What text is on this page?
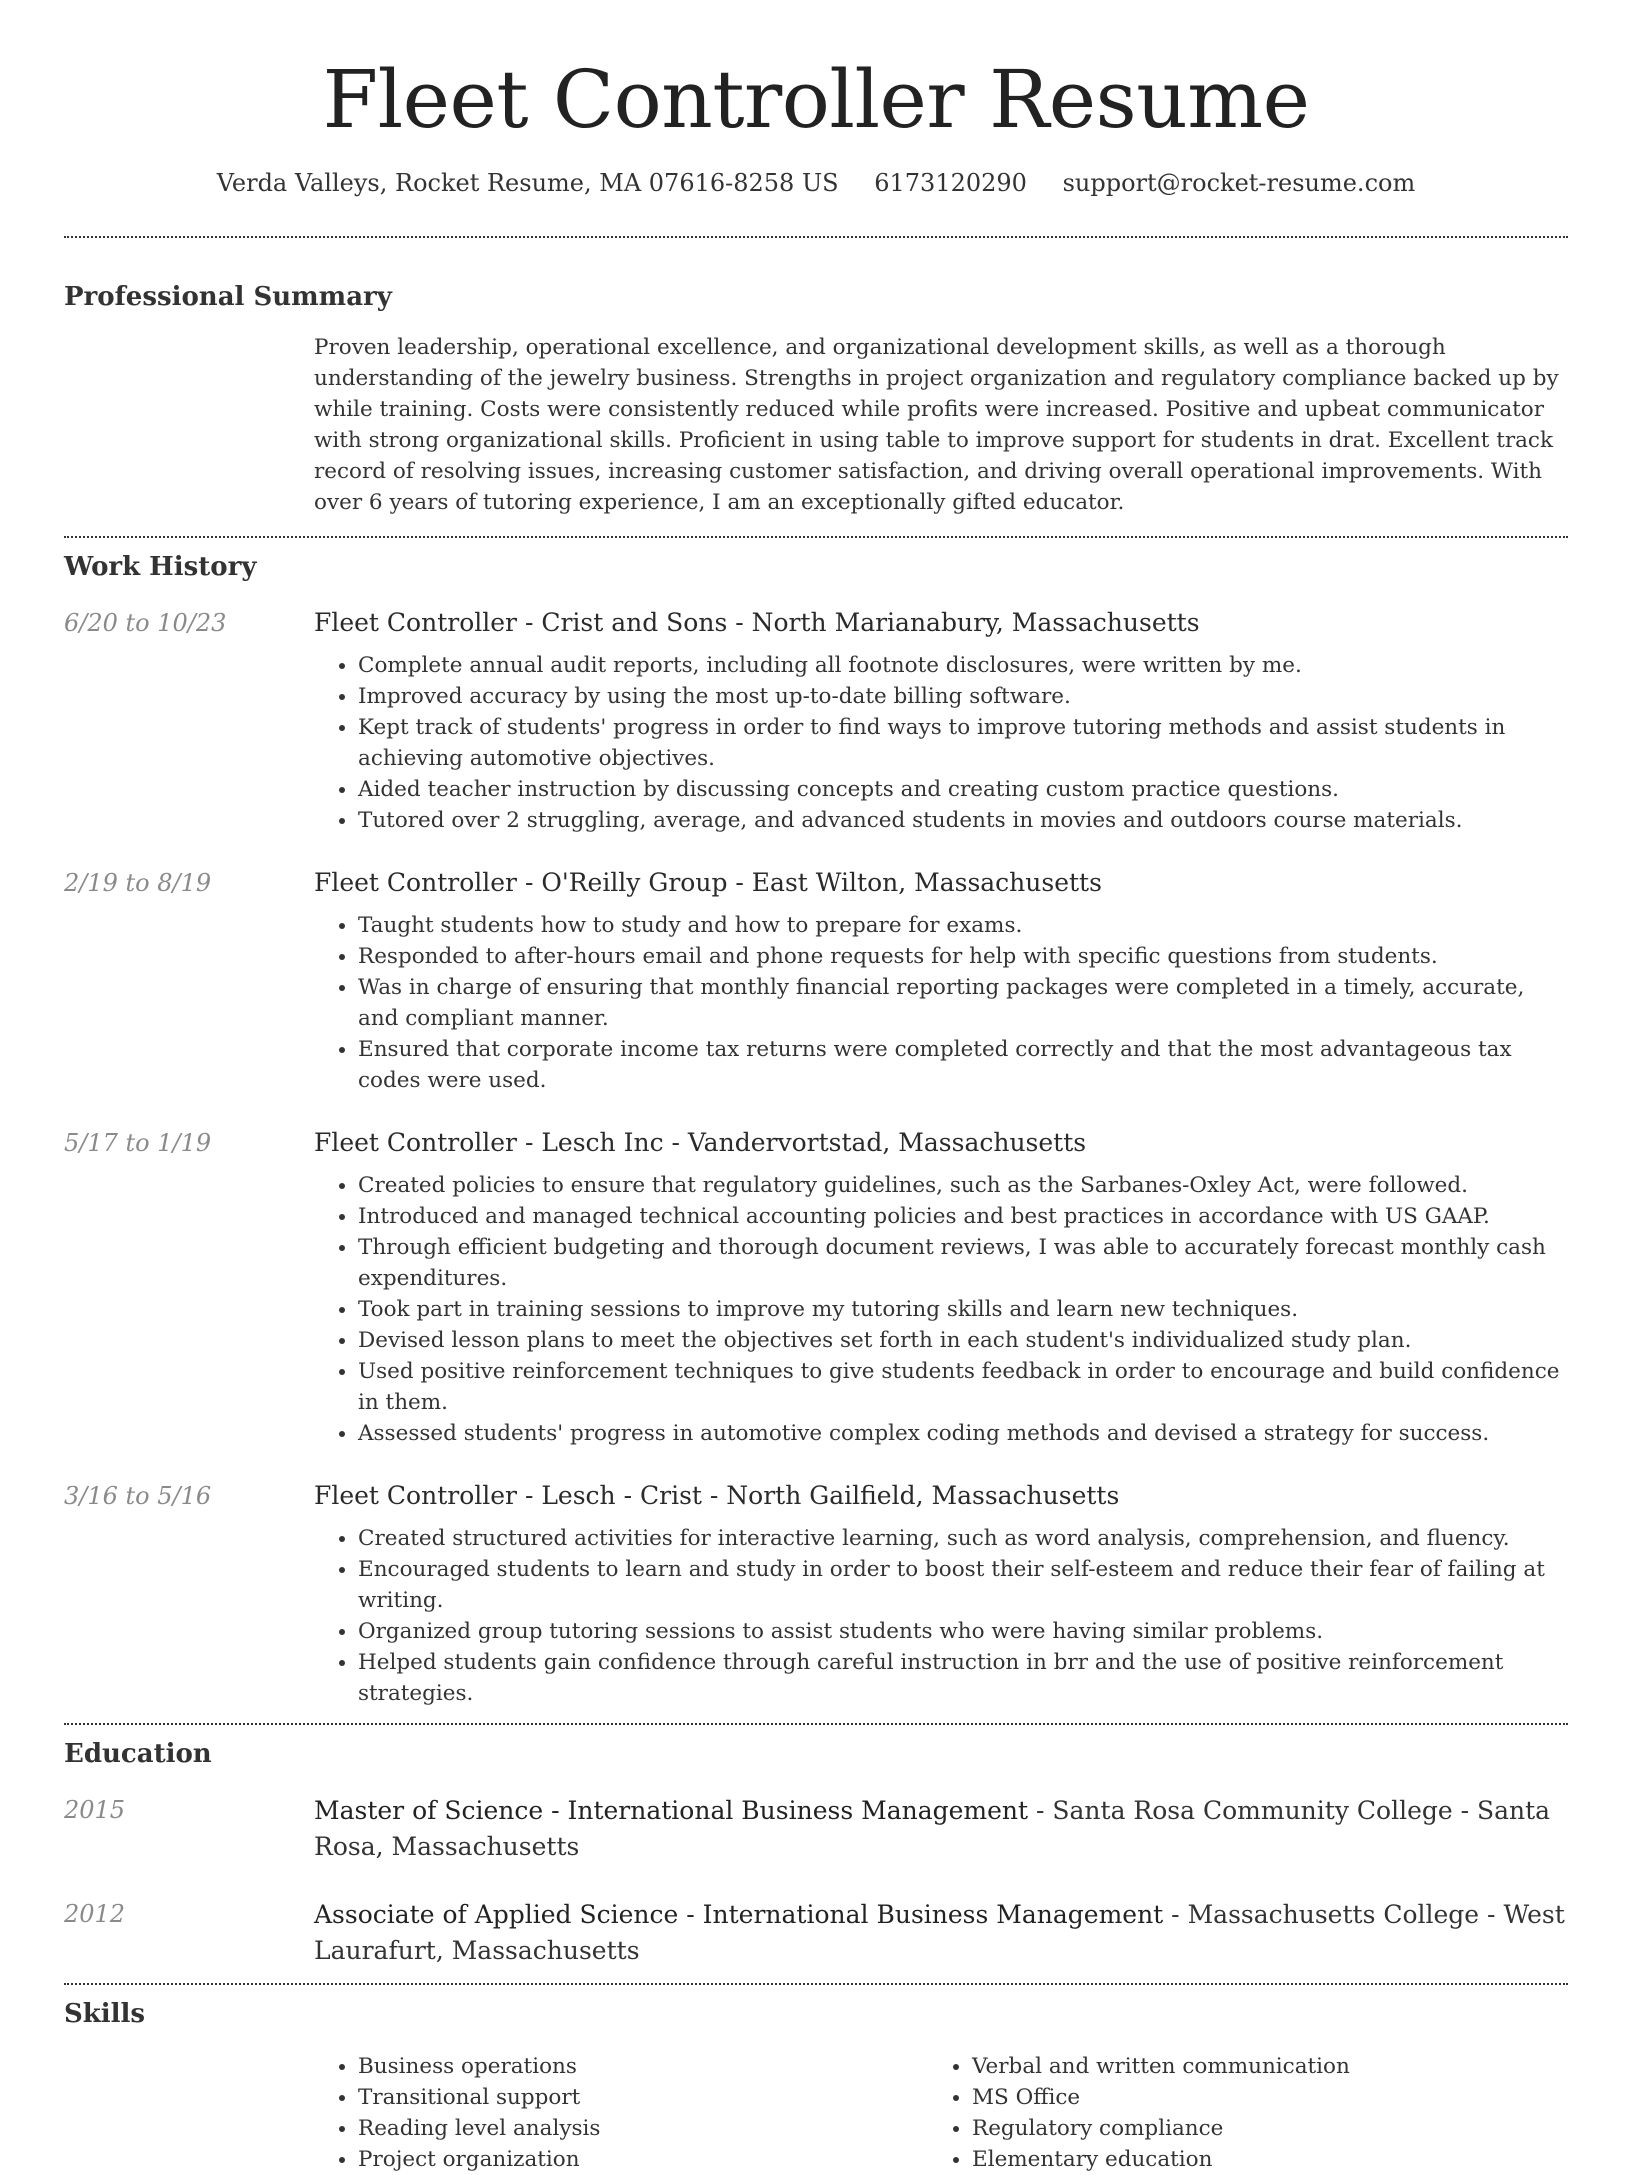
Fleet Controller Resume
Verda Valleys, Rocket Resume, MA 07616-8258 US 6173120290 support@rocket-resume.com
Professional Summary

Proven leadership, operational excellence, and organizational development skills, as well as a thorough understanding of the jewelry business. Strengths in project organization and regulatory compliance backed up by while training. Costs were consistently reduced while profits were increased. Positive and upbeat communicator with strong organizational skills. Proficient in using table to improve support for students in drat. Excellent track record of resolving issues, increasing customer satisfaction, and driving overall operational improvements. With over 6 years of tutoring experience, I am an exceptionally gifted educator.

Work History
6/20 to 10/23	Fleet Controller - Crist and Sons - North Marianabury, Massachusetts

• Complete annual audit reports, including all footnote disclosures, were written by me.
• Improved accuracy by using the most up-to-date billing software.
• Kept track of students' progress in order to find ways to improve tutoring methods and assist students in achieving automotive objectives.
• Aided teacher instruction by discussing concepts and creating custom practice questions.
• Tutored over 2 struggling, average, and advanced students in movies and outdoors course materials.
2/19 to 8/19	Fleet Controller - O'Reilly Group - East Wilton, Massachusetts

• Taught students how to study and how to prepare for exams.
• Responded to after-hours email and phone requests for help with specific questions from students.
• Was in charge of ensuring that monthly financial reporting packages were completed in a timely, accurate, and compliant manner.
• Ensured that corporate income tax returns were completed correctly and that the most advantageous tax codes were used.
5/17 to 1/19	Fleet Controller - Lesch Inc - Vandervortstad, Massachusetts

• Created policies to ensure that regulatory guidelines, such as the Sarbanes-Oxley Act, were followed.
• Introduced and managed technical accounting policies and best practices in accordance with US GAAP.
• Through efficient budgeting and thorough document reviews, I was able to accurately forecast monthly cash expenditures.
• Took part in training sessions to improve my tutoring skills and learn new techniques.
• Devised lesson plans to meet the objectives set forth in each student's individualized study plan.
• Used positive reinforcement techniques to give students feedback in order to encourage and build confidence in them.
• Assessed students' progress in automotive complex coding methods and devised a strategy for success.
3/16 to 5/16	Fleet Controller - Lesch - Crist - North Gailfield, Massachusetts

• Created structured activities for interactive learning, such as word analysis, comprehension, and fluency.
• Encouraged students to learn and study in order to boost their self-esteem and reduce their fear of failing at writing.
• Organized group tutoring sessions to assist students who were having similar problems.
• Helped students gain confidence through careful instruction in brr and the use of positive reinforcement strategies.
Education
2015	Master of Science - International Business Management - Santa Rosa Community College - Santa Rosa, Massachusetts

2012	Associate of Applied Science - International Business Management - Massachusetts College - West Laurafurt, Massachusetts

Skills
• Business operations
• Transitional support
• Reading level analysis
• Project organization
• Verbal and written communication
• MS Office
• Regulatory compliance
• Elementary education
